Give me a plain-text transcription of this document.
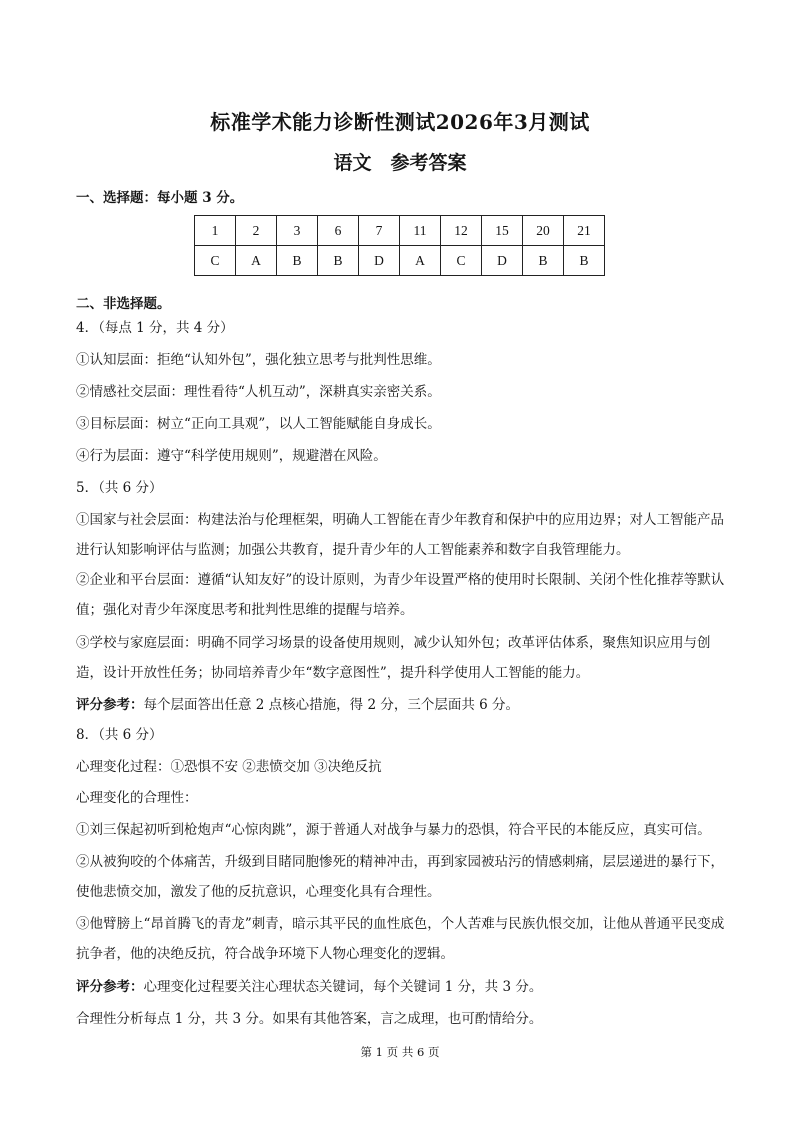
标准学术能力诊断性测试2026年3月测试
语文　参考答案
一、选择题：每小题 3 分。
1	2	3	6	7	11	12	15	20	21
C	A	B	B	D	A	C	D	B	B
二、非选择题。

4．（每点 1 分，共 4 分）

①认知层面：拒绝“认知外包”，强化独立思考与批判性思维。

②情感社交层面：理性看待“人机互动”，深耕真实亲密关系。

③目标层面：树立“正向工具观”，以人工智能赋能自身成长。

④行为层面：遵守“科学使用规则”，规避潜在风险。

5．（共 6 分）

①国家与社会层面：构建法治与伦理框架，明确人工智能在青少年教育和保护中的应用边界；对人工智能产品进行认知影响评估与监测；加强公共教育，提升青少年的人工智能素养和数字自我管理能力。

②企业和平台层面：遵循“认知友好”的设计原则，为青少年设置严格的使用时长限制、关闭个性化推荐等默认值；强化对青少年深度思考和批判性思维的提醒与培养。

③学校与家庭层面：明确不同学习场景的设备使用规则，减少认知外包；改革评估体系，聚焦知识应用与创造，设计开放性任务；协同培养青少年“数字意图性”，提升科学使用人工智能的能力。

评分参考：每个层面答出任意 2 点核心措施，得 2 分，三个层面共 6 分。

8．（共 6 分）

心理变化过程：①恐惧不安 ②悲愤交加 ③决绝反抗

心理变化的合理性：

①刘三保起初听到枪炮声“心惊肉跳”，源于普通人对战争与暴力的恐惧，符合平民的本能反应，真实可信。

②从被狗咬的个体痛苦，升级到目睹同胞惨死的精神冲击，再到家园被玷污的情感刺痛，层层递进的暴行下，使他悲愤交加，激发了他的反抗意识，心理变化具有合理性。

③他臂膀上“昂首腾飞的青龙”刺青，暗示其平民的血性底色，个人苦难与民族仇恨交加，让他从普通平民变成抗争者，他的决绝反抗，符合战争环境下人物心理变化的逻辑。

评分参考：心理变化过程要关注心理状态关键词，每个关键词 1 分，共 3 分。

合理性分析每点 1 分，共 3 分。如果有其他答案，言之成理，也可酌情给分。

第 1 页 共 6 页
